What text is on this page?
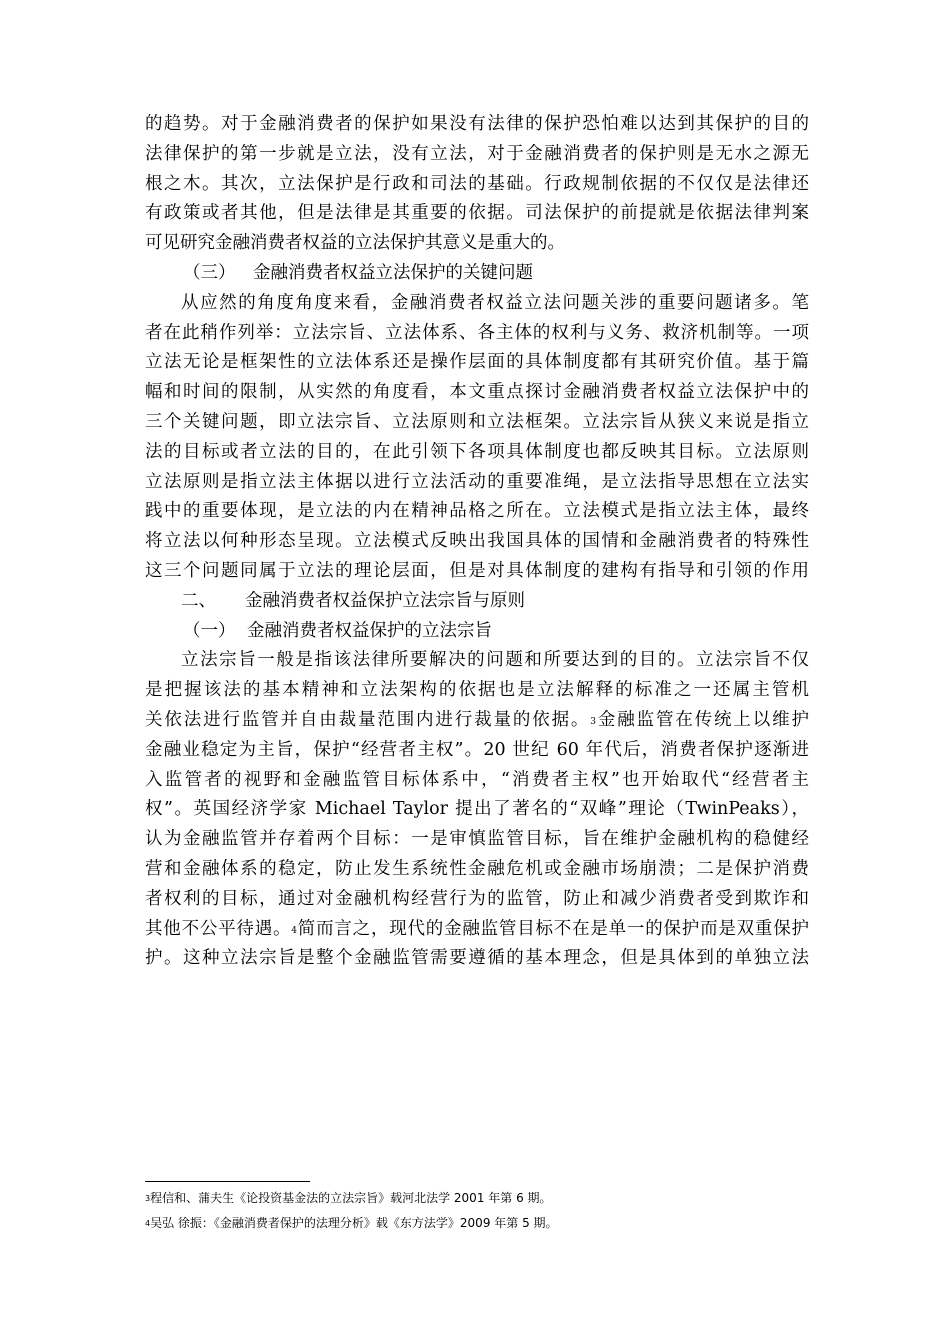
的趋势。对于金融消费者的保护如果没有法律的保护恐怕难以达到其保护的目的
法律保护的第一步就是立法，没有立法，对于金融消费者的保护则是无水之源无
根之木。其次，立法保护是行政和司法的基础。行政规制依据的不仅仅是法律还
有政策或者其他，但是法律是其重要的依据。司法保护的前提就是依据法律判案
可见研究金融消费者权益的立法保护其意义是重大的。
（三） 金融消费者权益立法保护的关键问题
从应然的角度角度来看，金融消费者权益立法问题关涉的重要问题诸多。笔
者在此稍作列举：立法宗旨、立法体系、各主体的权利与义务、救济机制等。一项
立法无论是框架性的立法体系还是操作层面的具体制度都有其研究价值。基于篇
幅和时间的限制，从实然的角度看，本文重点探讨金融消费者权益立法保护中的
三个关键问题，即立法宗旨、立法原则和立法框架。立法宗旨从狭义来说是指立
法的目标或者立法的目的，在此引领下各项具体制度也都反映其目标。立法原则
立法原则是指立法主体据以进行立法活动的重要准绳，是立法指导思想在立法实
践中的重要体现，是立法的内在精神品格之所在。立法模式是指立法主体，最终
将立法以何种形态呈现。立法模式反映出我国具体的国情和金融消费者的特殊性
这三个问题同属于立法的理论层面，但是对具体制度的建构有指导和引领的作用
二、 金融消费者权益保护立法宗旨与原则
（一） 金融消费者权益保护的立法宗旨
立法宗旨一般是指该法律所要解决的问题和所要达到的目的。立法宗旨不仅
是把握该法的基本精神和立法架构的依据也是立法解释的标准之一还属主管机
关依法进行监管并自由裁量范围内进行裁量的依据。$^3$金融监管在传统上以维护
金融业稳定为主旨，保护“经营者主权”。20 世纪 60 年代后，消费者保护逐渐进
入监管者的视野和金融监管目标体系中，“消费者主权”也开始取代“经营者主
权”。英国经济学家 Michael Taylor 提出了著名的“双峰”理论（TwinPeaks），
认为金融监管并存着两个目标：一是审慎监管目标，旨在维护金融机构的稳健经
营和金融体系的稳定，防止发生系统性金融危机或金融市场崩溃；二是保护消费
者权利的目标，通过对金融机构经营行为的监管，防止和减少消费者受到欺诈和
其他不公平待遇。$^4$简而言之，现代的金融监管目标不在是单一的保护而是双重保护
护。这种立法宗旨是整个金融监管需要遵循的基本理念，但是具体到的单独立法
$^3$程信和、蒲夫生《论投资基金法的立法宗旨》载河北法学 2001 年第 6 期。
$^4$吴弘 徐振：《金融消费者保护的法理分析》载《东方法学》2009 年第 5 期。
